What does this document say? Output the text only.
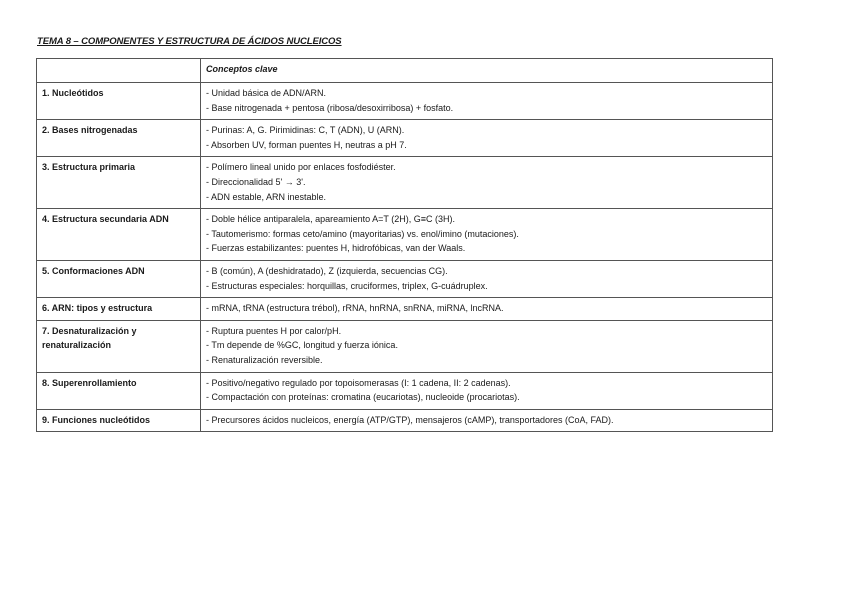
TEMA 8 – COMPONENTES Y ESTRUCTURA DE ÁCIDOS NUCLEICOS
	Conceptos clave
1. Nucleótidos	- Unidad básica de ADN/ARN.
- Base nitrogenada + pentosa (ribosa/desoxirribosa) + fosfato.

2. Bases nitrogenadas	- Purinas: A, G. Pirimidinas: C, T (ADN), U (ARN).
- Absorben UV, forman puentes H, neutras a pH 7.

3. Estructura primaria	- Polímero lineal unido por enlaces fosfodiéster.
- Direccionalidad 5' → 3'.
- ADN estable, ARN inestable.

4. Estructura secundaria ADN	- Doble hélice antiparalela, apareamiento A=T (2H), G≡C (3H).
- Tautomerismo: formas ceto/amino (mayoritarias) vs. enol/imino (mutaciones).
- Fuerzas estabilizantes: puentes H, hidrofóbicas, van der Waals.

5. Conformaciones ADN	- B (común), A (deshidratado), Z (izquierda, secuencias CG).
- Estructuras especiales: horquillas, cruciformes, triplex, G-cuádruplex.

6. ARN: tipos y estructura	- mRNA, tRNA (estructura trébol), rRNA, hnRNA, snRNA, miRNA, lncRNA.

7. Desnaturalización y
renaturalización	- Ruptura puentes H por calor/pH.
- Tm depende de %GC, longitud y fuerza iónica.
- Renaturalización reversible.

8. Superenrollamiento	- Positivo/negativo regulado por topoisomerasas (I: 1 cadena, II: 2 cadenas).
- Compactación con proteínas: cromatina (eucariotas), nucleoide (procariotas).

9. Funciones nucleótidos	- Precursores ácidos nucleicos, energía (ATP/GTP), mensajeros (cAMP), transportadores (CoA, FAD).
